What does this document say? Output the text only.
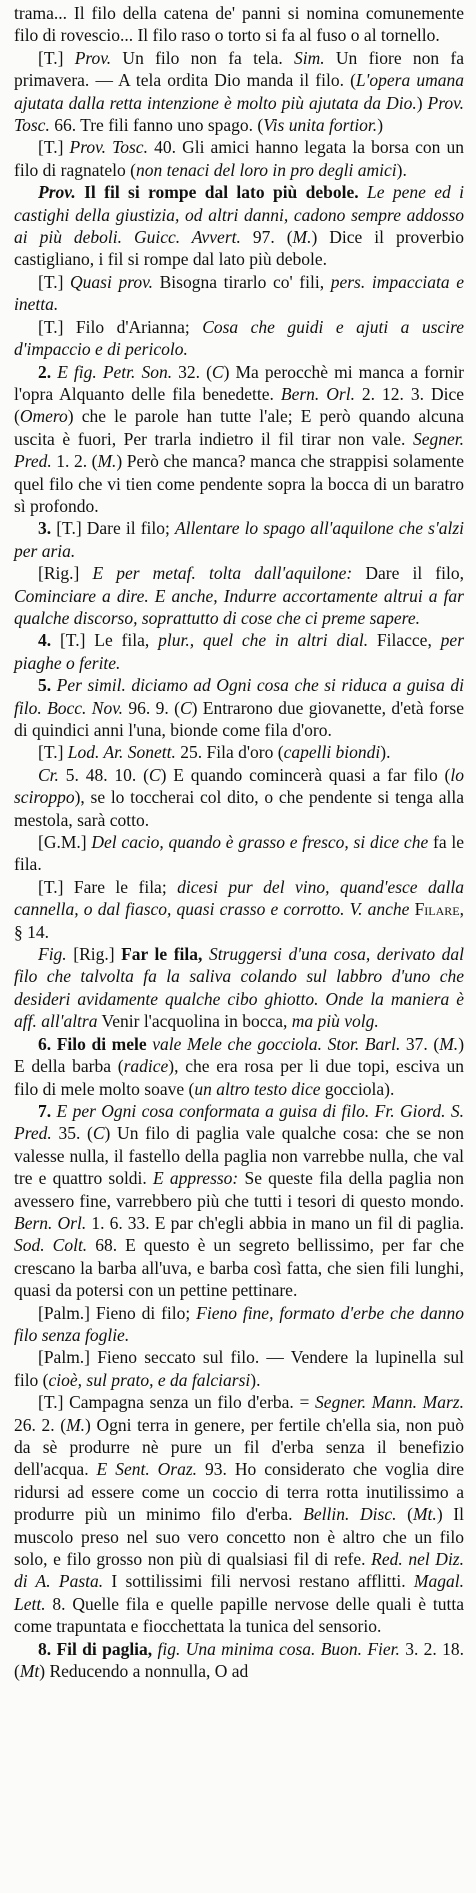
trama... Il filo della catena de' panni si nomina comunemente filo di rovescio... Il filo raso o torto si fa al fuso o al tornello.

[T.] Prov. Un filo non fa tela. Sim. Un fiore non fa primavera. — A tela ordita Dio manda il filo. (L'opera umana ajutata dalla retta intenzione è molto più ajutata da Dio.) Prov. Tosc. 66. Tre fili fanno uno spago. (Vis unita fortior.)

[T.] Prov. Tosc. 40. Gli amici hanno legata la borsa con un filo di ragnatelo (non tenaci del loro in pro degli amici).

Prov. Il fil si rompe dal lato più debole. Le pene ed i castighi della giustizia, od altri danni, cadono sempre addosso ai più deboli. Guicc. Avvert. 97. (M.) Dice il proverbio castigliano, i fil si rompe dal lato più debole.

[T.] Quasi prov. Bisogna tirarlo co' fili, pers. impacciata e inetta.

[T.] Filo d'Arianna; Cosa che guidi e ajuti a uscire d'impaccio e di pericolo.

2. E fig. Petr. Son. 32. (C) Ma perocchè mi manca a fornir l'opra Alquanto delle fila benedette. Bern. Orl. 2. 12. 3. Dice (Omero) che le parole han tutte l'ale; E però quando alcuna uscita è fuori, Per trarla indietro il fil tirar non vale. Segner. Pred. 1. 2. (M.) Però che manca? manca che strappisi solamente quel filo che vi tien come pendente sopra la bocca di un baratro sì profondo.

3. [T.] Dare il filo; Allentare lo spago all'aquilone che s'alzi per aria.

[Rig.] E per metaf. tolta dall'aquilone: Dare il filo, Cominciare a dire. E anche, Indurre accortamente altrui a far qualche discorso, soprattutto di cose che ci preme sapere.

4. [T.] Le fila, plur., quel che in altri dial. Filacce, per piaghe o ferite.

5. Per simil. diciamo ad Ogni cosa che si riduca a guisa di filo. Bocc. Nov. 96. 9. (C) Entrarono due giovanette, d'età forse di quindici anni l'una, bionde come fila d'oro.

[T.] Lod. Ar. Sonett. 25. Fila d'oro (capelli biondi).

Cr. 5. 48. 10. (C) E quando comincerà quasi a far filo (lo sciroppo), se lo toccherai col dito, o che pendente si tenga alla mestola, sarà cotto.

[G.M.] Del cacio, quando è grasso e fresco, si dice che fa le fila.

[T.] Fare le fila; dicesi pur del vino, quand'esce dalla cannella, o dal fiasco, quasi crasso e corrotto. V. anche Filare, § 14.

Fig. [Rig.] Far le fila, Struggersi d'una cosa, derivato dal filo che talvolta fa la saliva colando sul labbro d'uno che desideri avidamente qualche cibo ghiotto. Onde la maniera è aff. all'altra Venir l'acquolina in bocca, ma più volg.

6. Filo di mele vale Mele che gocciola. Stor. Barl. 37. (M.) E della barba (radice), che era rosa per li due topi, esciva un filo di mele molto soave (un altro testo dice gocciola).

7. E per Ogni cosa conformata a guisa di filo. Fr. Giord. S. Pred. 35. (C) Un filo di paglia vale qualche cosa: che se non valesse nulla, il fastello della paglia non varrebbe nulla, che val tre e quattro soldi. E appresso: Se queste fila della paglia non avessero fine, varrebbero più che tutti i tesori di questo mondo. Bern. Orl. 1. 6. 33. E par ch'egli abbia in mano un fil di paglia. Sod. Colt. 68. E questo è un segreto bellissimo, per far che crescano la barba all'uva, e barba così fatta, che sien fili lunghi, quasi da potersi con un pettine pettinare.

[Palm.] Fieno di filo; Fieno fine, formato d'erbe che danno filo senza foglie.

[Palm.] Fieno seccato sul filo. — Vendere la lupinella sul filo (cioè, sul prato, e da falciarsi).

[T.] Campagna senza un filo d'erba. = Segner. Mann. Marz. 26. 2. (M.) Ogni terra in genere, per fertile ch'ella sia, non può da sè produrre nè pure un fil d'erba senza il benefizio dell'acqua. E Sent. Oraz. 93. Ho considerato che voglia dire ridursi ad essere come un coccio di terra rotta inutilissimo a produrre più un minimo filo d'erba. Bellin. Disc. (Mt.) Il muscolo preso nel suo vero concetto non è altro che un filo solo, e filo grosso non più di qualsiasi fil di refe. Red. nel Diz. di A. Pasta. I sottilissimi fili nervosi restano afflitti. Magal. Lett. 8. Quelle fila e quelle papille nervose delle quali è tutta come trapuntata e fiocchettata la tunica del sensorio.

8. Fil di paglia, fig. Una minima cosa. Buon. Fier. 3. 2. 18. (Mt) Reducendo a nonnulla, O ad
